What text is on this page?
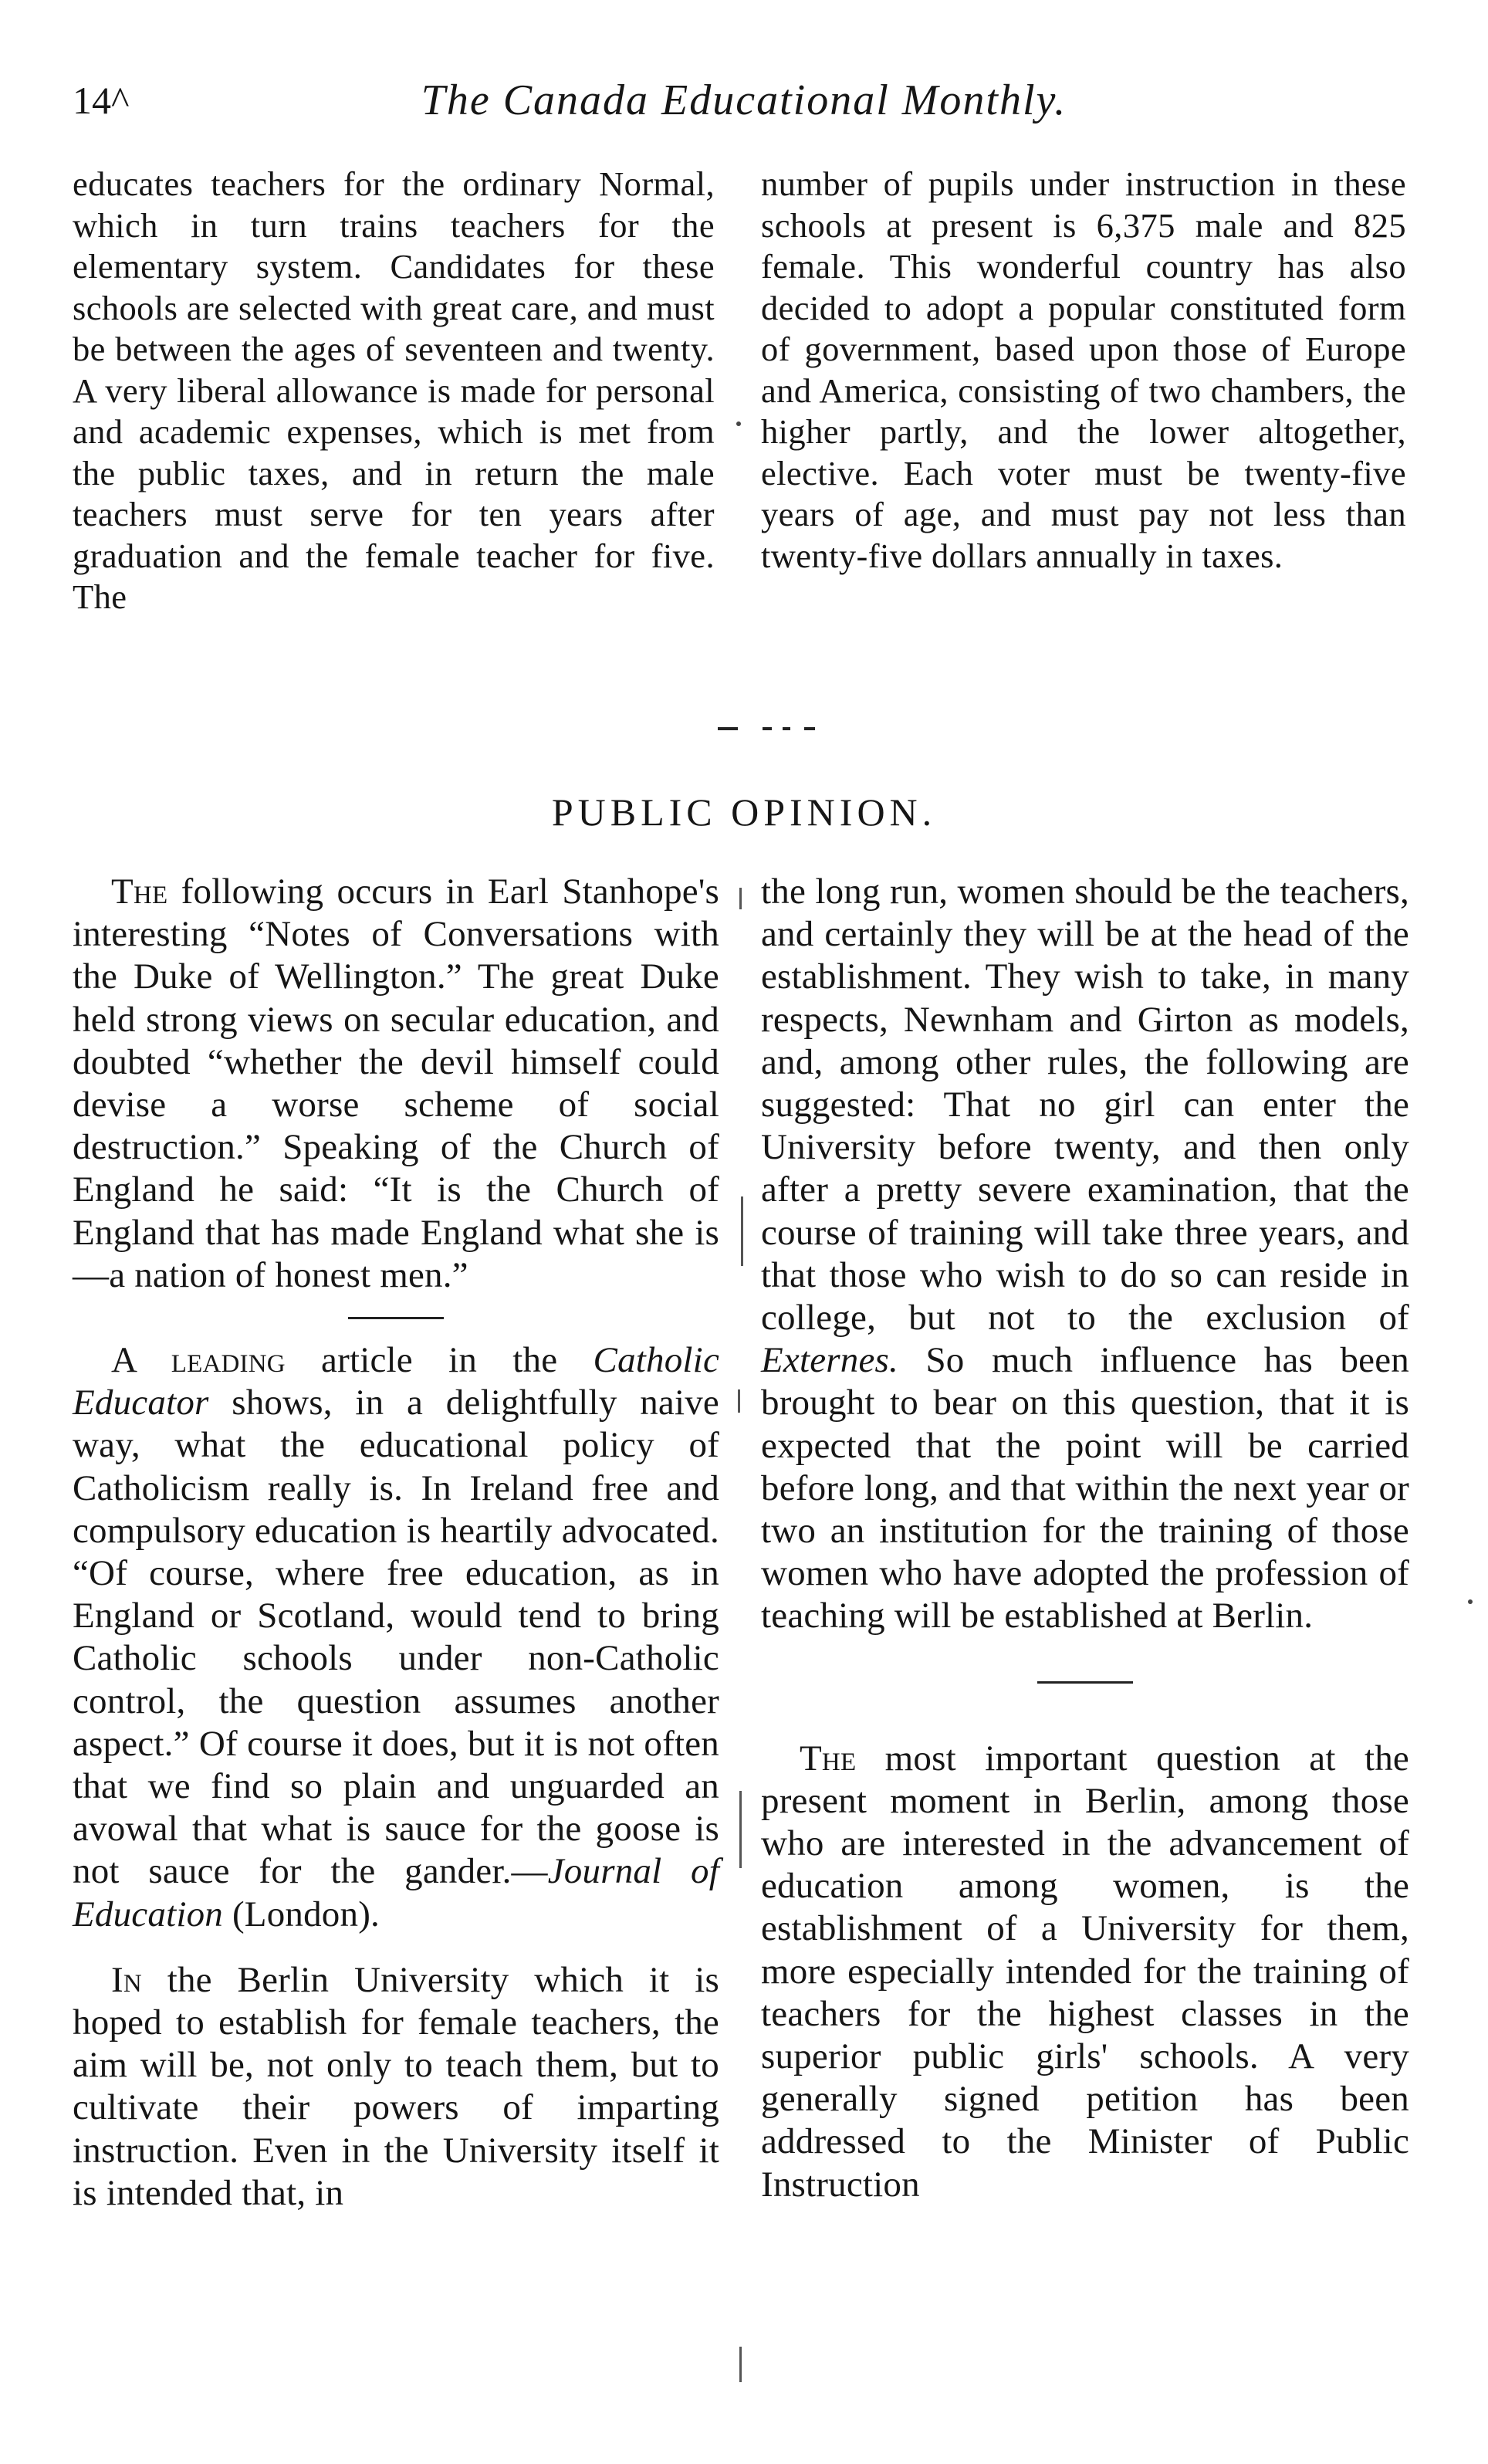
14^	The Canada Educational Monthly.

educates teachers for the ordinary Normal, which in turn trains teachers for the elementary system. Candidates for these schools are selected with great care, and must be between the ages of seventeen and twenty. A very liberal allowance is made for personal and academic expenses, which is met from the public taxes, and in return the male teachers must serve for ten years after graduation and the female teacher for five. The

number of pupils under instruction in these schools at present is 6,375 male and 825 female. This wonderful country has also decided to adopt a popular constituted form of government, based upon those of Europe and America, consisting of two chambers, the higher partly, and the lower altogether, elective. Each voter must be twenty-five years of age, and must pay not less than twenty-five dollars annually in taxes.

PUBLIC OPINION.

The following occurs in Earl Stanhope's interesting “Notes of Conversations with the Duke of Wellington.” The great Duke held strong views on secular education, and doubted “whether the devil himself could devise a worse scheme of social destruction.” Speaking of the Church of England he said: “It is the Church of England that has made England what she is—a nation of honest men.”

A leading article in the Catholic Educator shows, in a delightfully naive way, what the educational policy of Catholicism really is. In Ireland free and compulsory education is heartily advocated. “Of course, where free education, as in England or Scotland, would tend to bring Catholic schools under non-Catholic control, the question assumes another aspect.” Of course it does, but it is not often that we find so plain and unguarded an avowal that what is sauce for the goose is not sauce for the gander.—Journal of Education (London).

In the Berlin University which it is hoped to establish for female teachers, the aim will be, not only to teach them, but to cultivate their powers of imparting instruction. Even in the University itself it is intended that, in

the long run, women should be the teachers, and certainly they will be at the head of the establishment. They wish to take, in many respects, Newnham and Girton as models, and, among other rules, the following are suggested: That no girl can enter the University before twenty, and then only after a pretty severe examination, that the course of training will take three years, and that those who wish to do so can reside in college, but not to the exclusion of Externes. So much influence has been brought to bear on this question, that it is expected that the point will be carried before long, and that within the next year or two an institution for the training of those women who have adopted the profession of teaching will be established at Berlin.

The most important question at the present moment in Berlin, among those who are interested in the advancement of education among women, is the establishment of a University for them, more especially intended for the training of teachers for the highest classes in the superior public girls' schools. A very generally signed petition has been addressed to the Minister of Public Instruction
